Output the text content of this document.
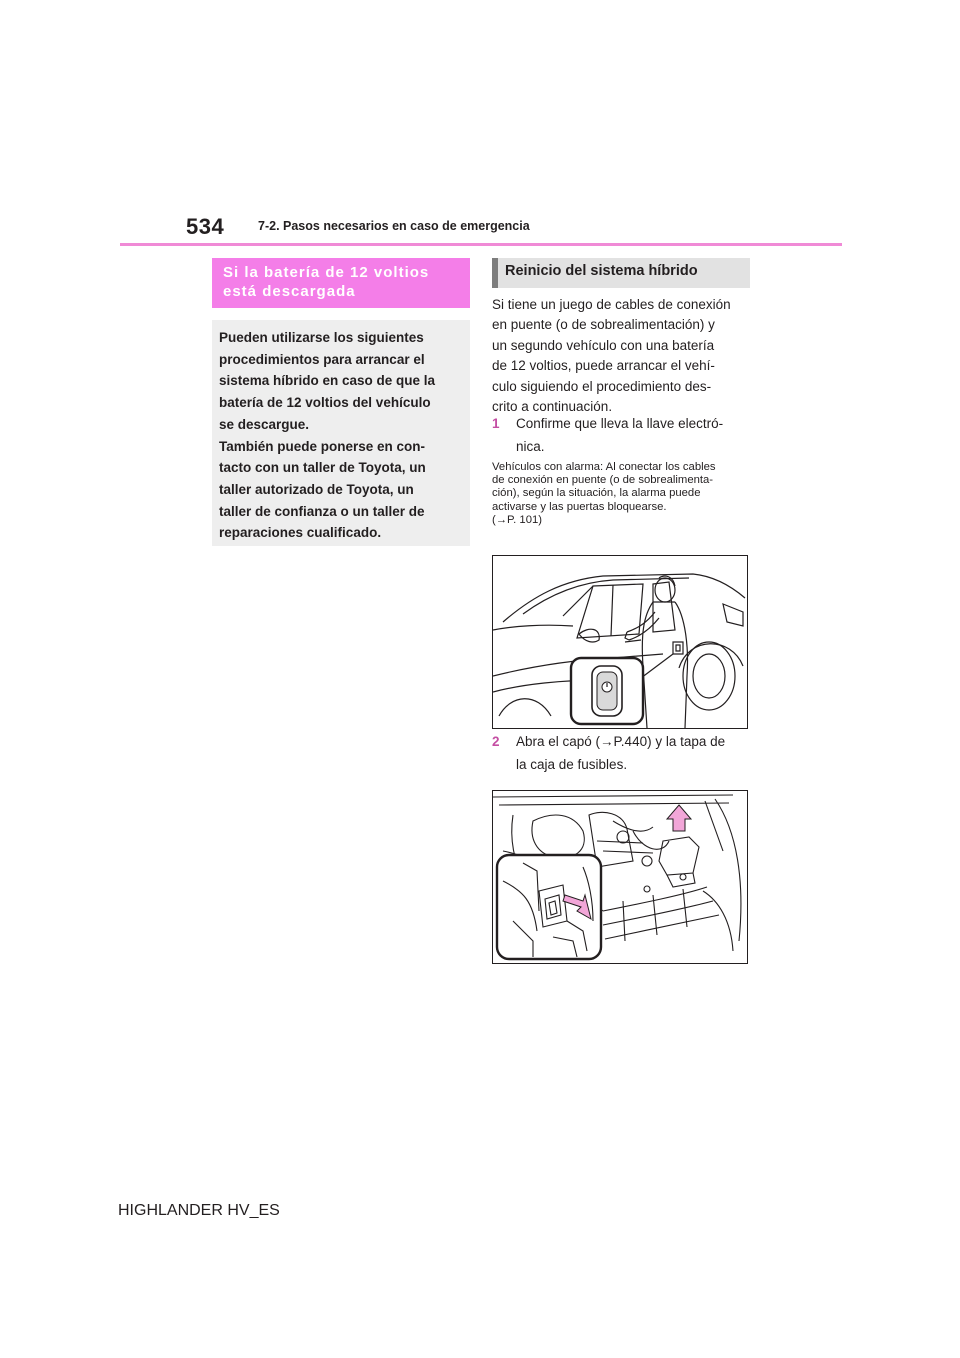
534	7-2. Pasos necesarios en caso de emergencia
Si la batería de 12 voltios
está descargada

Pueden utilizarse los siguientes

procedimientos para arrancar el

sistema híbrido en caso de que la

batería de 12 voltios del vehículo

se descargue.

También puede ponerse en con-

tacto con un taller de Toyota, un

taller autorizado de Toyota, un

taller de confianza o un taller de

reparaciones cualificado.

Reinicio del sistema híbrido
Si tiene un juego de cables de conexión
en puente (o de sobrealimentación) y
un segundo vehículo con una batería
de 12 voltios, puede arrancar el vehí-
culo siguiendo el procedimiento des-
crito a continuación.
1 Confirme que lleva la llave electró-
nica.
Vehículos con alarma: Al conectar los cables
de conexión en puente (o de sobrealimenta-
ción), según la situación, la alarma puede
activarse y las puertas bloquearse.
(→P. 101)
2 Abra el capó (→P.440) y la tapa de
la caja de fusibles.
HIGHLANDER HV_ES
